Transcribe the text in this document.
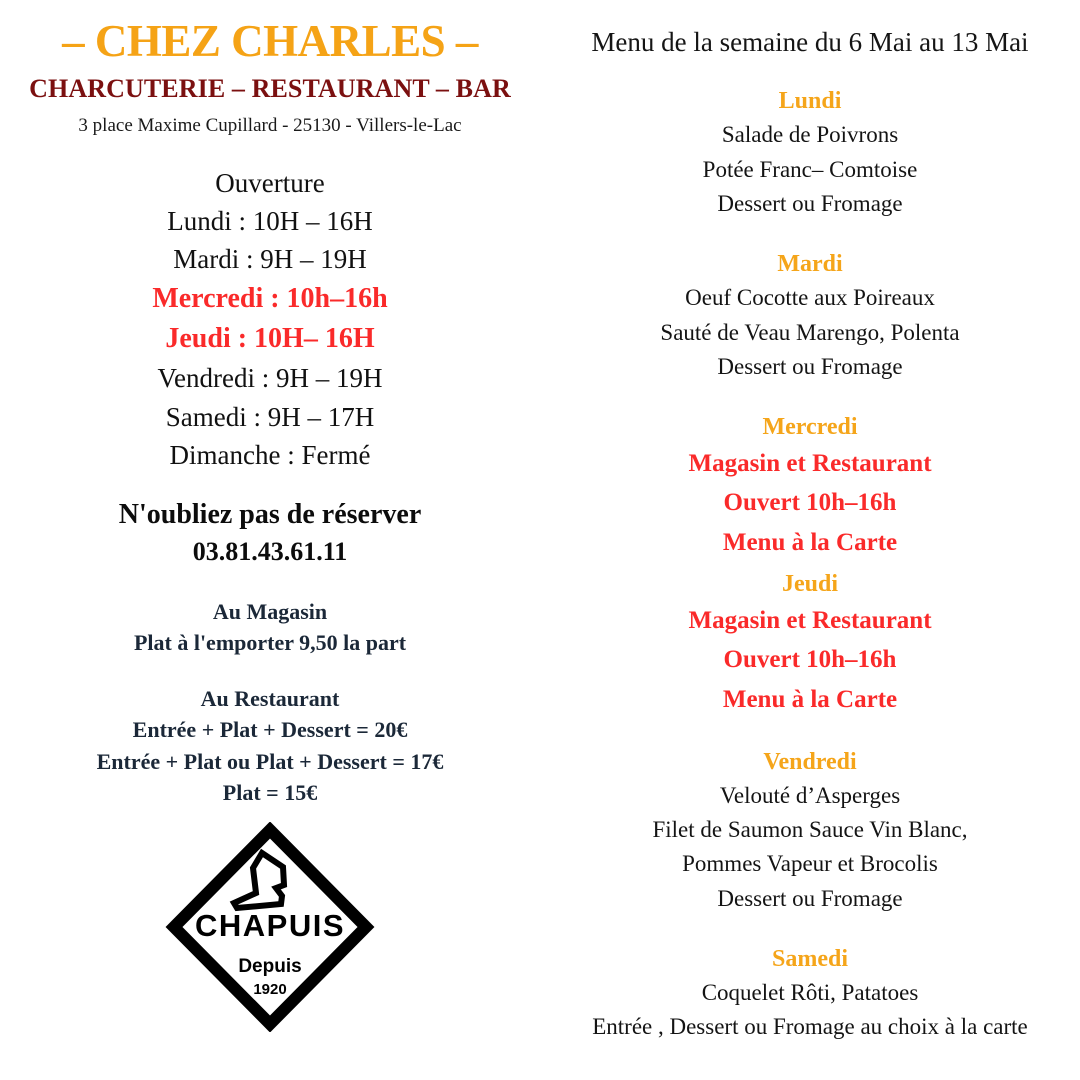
– CHEZ CHARLES –
CHARCUTERIE – RESTAURANT – BAR
3 place Maxime Cupillard - 25130 - Villers-le-Lac
Ouverture
Lundi : 10H – 16H
Mardi : 9H – 19H
Mercredi : 10h–16h
Jeudi : 10H– 16H
Vendredi : 9H – 19H
Samedi : 9H – 17H
Dimanche : Fermé
N'oubliez pas de réserver
03.81.43.61.11
Au Magasin
Plat à l'emporter 9,50 la part
Au Restaurant
Entrée + Plat + Dessert = 20€
Entrée + Plat ou Plat + Dessert = 17€
Plat = 15€
CHAPUIS
Depuis
1920
Menu de la semaine du 6 Mai au 13 Mai
Lundi
Salade de Poivrons
Potée Franc– Comtoise
Dessert ou Fromage
Mardi
Oeuf Cocotte aux Poireaux
Sauté de Veau Marengo, Polenta
Dessert ou Fromage
Mercredi
Magasin et Restaurant
Ouvert 10h–16h
Menu à la Carte
Jeudi
Magasin et Restaurant
Ouvert 10h–16h
Menu à la Carte
Vendredi
Velouté d’Asperges
Filet de Saumon Sauce Vin Blanc,
Pommes Vapeur et Brocolis
Dessert ou Fromage
Samedi
Coquelet Rôti, Patatoes
Entrée , Dessert ou Fromage au choix à la carte
